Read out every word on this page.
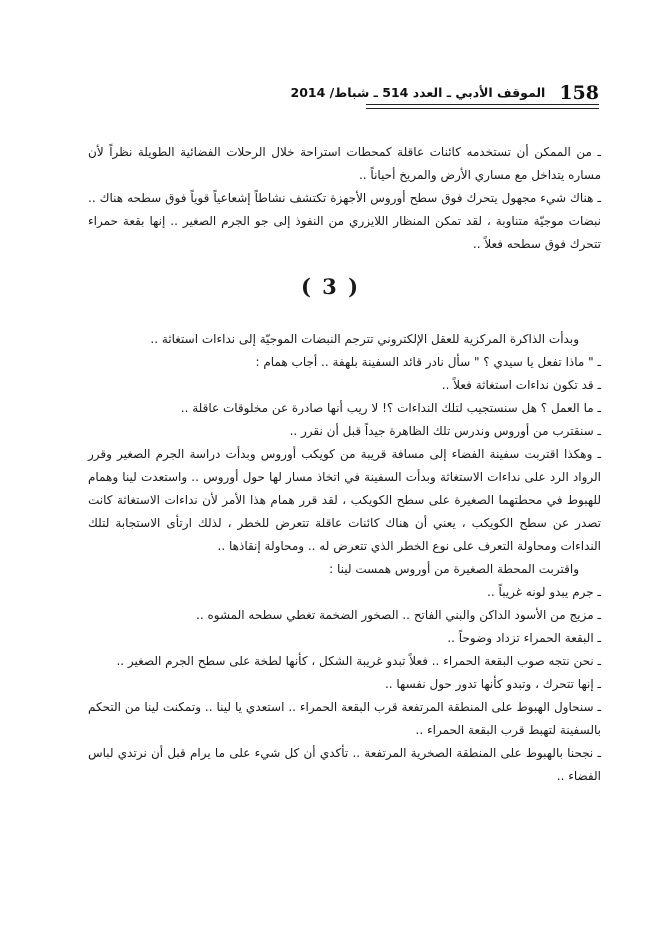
158
الموقف الأدبي ـ العدد 514 ـ شباط/ 2014

ـ من الممكن أن تستخدمه كائنات عاقلة كمحطات استراحة خلال الرحلات الفضائية الطويلة نظراً لأن مساره يتداخل مع مساري الأرض والمريخ أحياناً ..

ـ هناك شيء مجهول يتحرك فوق سطح أوروس الأجهزة تكتشف نشاطاً إشعاعياً قوياً فوق سطحه هناك .. نبضات موجيّة متناوبة ، لقد تمكن المنظار اللايزري من النفوذ إلى جو الجرم الصغير .. إنها بقعة حمراء تتحرك فوق سطحه فعلاً ..

( 3 )

وبدأت الذاكرة المركزية للعقل الإلكتروني تترجم النبضات الموجيّة إلى نداءات استغاثة ..

ـ " ماذا تفعل يا سيدي ؟ " سأل نادر قائد السفينة بلهفة .. أجاب همام :

ـ قد تكون نداءات استغاثة فعلاً ..

ـ ما العمل ؟ هل سنستجيب لتلك النداءات ؟! لا ريب أنها صادرة عن مخلوقات عاقلة ..

ـ سنقترب من أوروس وندرس تلك الظاهرة جيداً قبل أن نقرر ..

ـ وهكذا اقتربت سفينة الفضاء إلى مسافة قريبة من كويكب أوروس وبدأت دراسة الجرم الصغير وقرر الرواد الرد على نداءات الاستغاثة وبدأت السفينة في اتخاذ مسار لها حول أوروس .. واستعدت لينا وهمام للهبوط في محطتهما الصغيرة على سطح الكويكب ، لقد قرر همام هذا الأمر لأن نداءات الاستغاثة كانت تصدر عن سطح الكويكب ، يعني أن هناك كائنات عاقلة تتعرض للخطر ، لذلك ارتأى الاستجابة لتلك النداءات ومحاولة التعرف على نوع الخطر الذي تتعرض له .. ومحاولة إنقاذها ..

واقتربت المحطة الصغيرة من أوروس همست لينا :

ـ جرم يبدو لونه غريباً ..

ـ مزيج من الأسود الداكن والبني الفاتح .. الصخور الضخمة تغطي سطحه المشوه ..

ـ البقعة الحمراء تزداد وضوحاً ..

ـ نحن نتجه صوب البقعة الحمراء .. فعلاً تبدو غريبة الشكل ، كأنها لطخة على سطح الجرم الصغير ..

ـ إنها تتحرك ، وتبدو كأنها تدور حول نفسها ..

ـ سنحاول الهبوط على المنطقة المرتفعة قرب البقعة الحمراء .. استعدي يا لينا .. وتمكنت لينا من التحكم بالسفينة لتهبط قرب البقعة الحمراء ..

ـ نجحنا بالهبوط على المنطقة الصخرية المرتفعة .. تأكدي أن كل شيء على ما يرام قبل أن نرتدي لباس الفضاء ..
